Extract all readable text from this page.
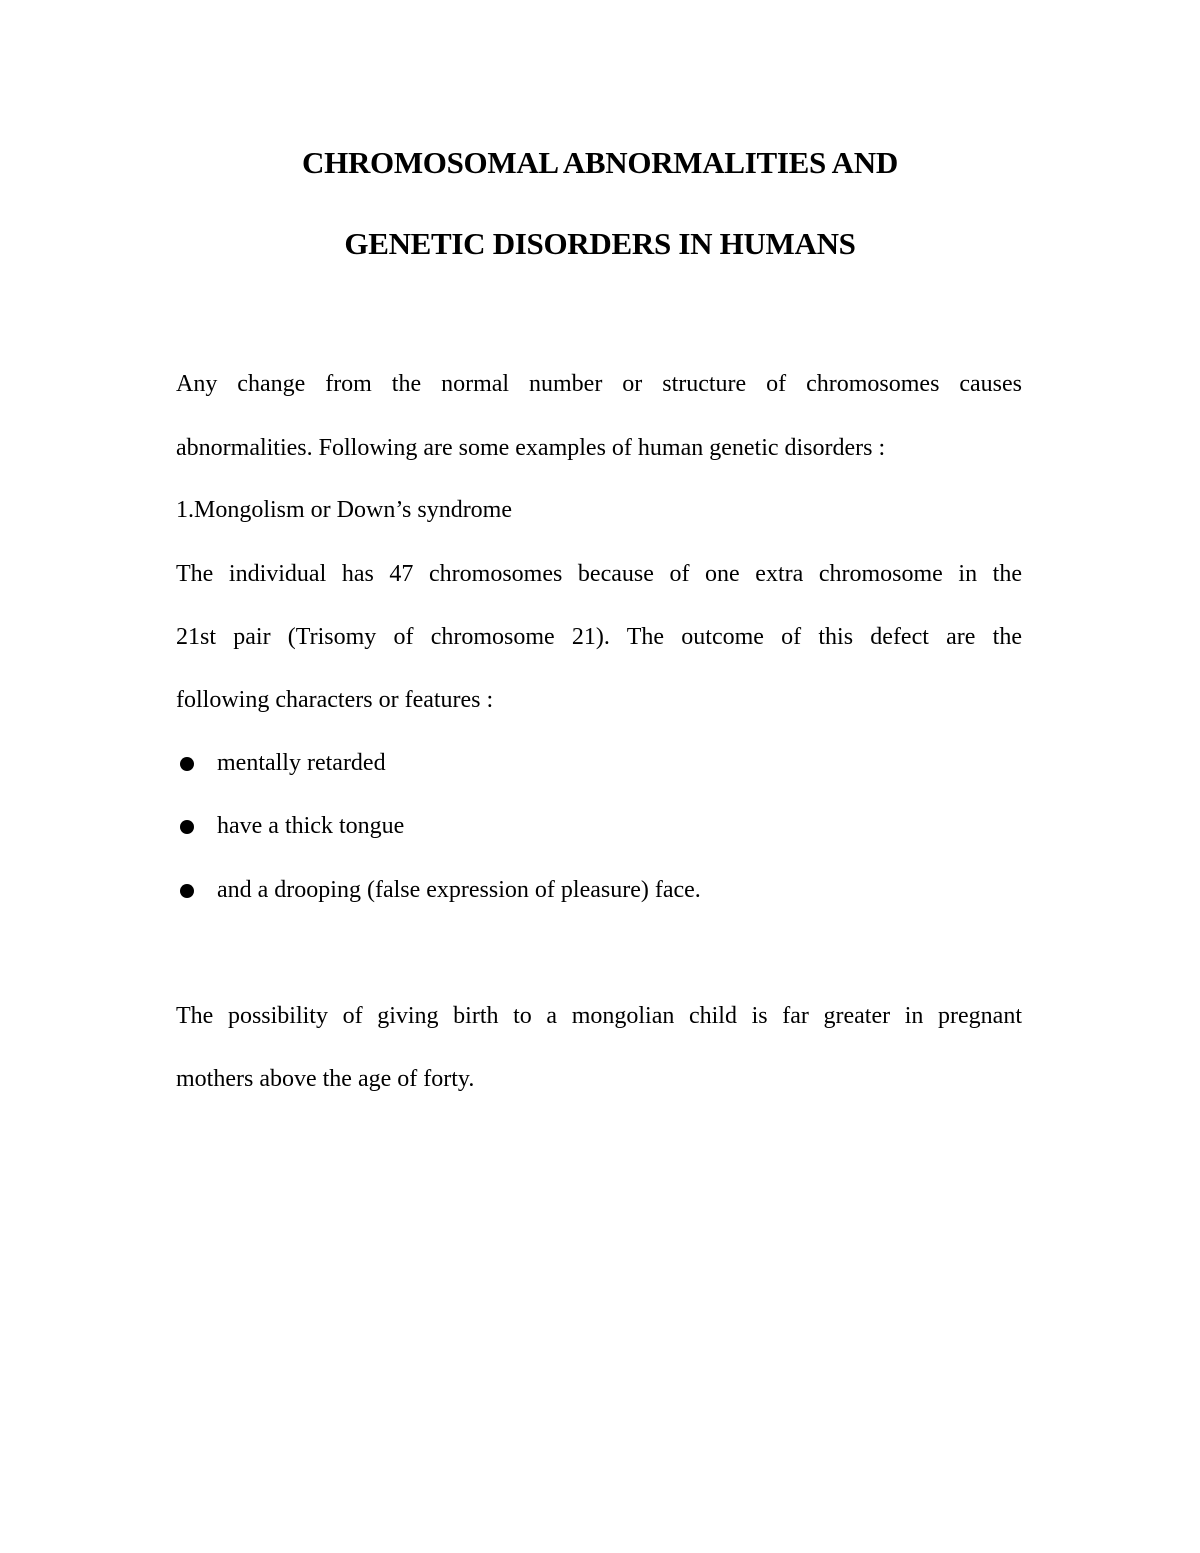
CHROMOSOMAL ABNORMALITIES AND
GENETIC DISORDERS IN HUMANS
Any change from the normal number or structure of chromosomes causes
abnormalities. Following are some examples of human genetic disorders :
1.Mongolism or Down’s syndrome
The individual has 47 chromosomes because of one extra chromosome in the
21st pair (Trisomy of chromosome 21). The outcome of this defect are the
following characters or features :
mentally retarded
have a thick tongue
and a drooping (false expression of pleasure) face.
The possibility of giving birth to a mongolian child is far greater in pregnant
mothers above the age of forty.
